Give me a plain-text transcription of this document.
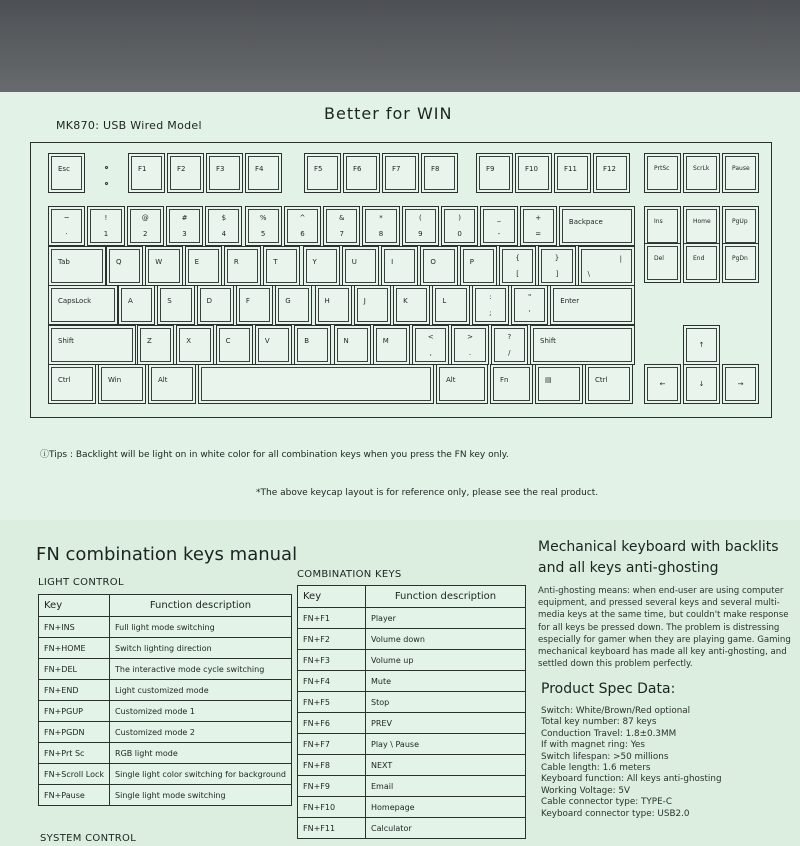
MK870: USB Wired Model
Better for WIN
Esc	F1	F2	F3	F4	F5	F6	F7	F8	F9	F10	F11	F12	PrtSc	ScrLk	Pause
~
·
!
1
@
2
#
3
$
4
%
5
^
6
&
7
*
8
(
9
)
0
_
-
+
=
Backpace
Tab	Q	W	E	R	T	Y	U	I	O	P	{
[
}
]
|
\
CapsLock	A	S	D	F	G	H	J	K	L	:
;
"
'
Enter
Shift	Z	X	C	V	B	N	M	<
,
>
.
?
/
Shift
Ctrl	Win	Alt	Alt	Fn	▤	Ctrl
Ins	Home	PgUp
Del	End	PgDn
↑
←	↓	→
ⓘTips : Backlight will be light on in white color for all combination keys when you press the FN key only.
*The above keycap layout is for reference only, please see the real product.
FN combination keys manual
LIGHT CONTROL
Key	Function description
FN+INS	Full light mode switching
FN+HOME	Switch lighting direction
FN+DEL	The interactive mode cycle switching
FN+END	Light customized mode
FN+PGUP	Customized mode 1
FN+PGDN	Customized mode 2
FN+Prt Sc	RGB light mode
FN+Scroll Lock	Single light color switching for background
FN+Pause	Single light mode switching
COMBINATION KEYS
Key	Function description
FN+F1	Player
FN+F2	Volume down
FN+F3	Volume up
FN+F4	Mute
FN+F5	Stop
FN+F6	PREV
FN+F7	Play \ Pause
FN+F8	NEXT
FN+F9	Email
FN+F10	Homepage
FN+F11	Calculator
SYSTEM CONTROL
Mechanical keyboard with backlits and all keys anti-ghosting
Anti-ghosting means: when end-user are using computer equipment, and pressed several keys and several multi-media keys at the same time, but couldn't make response for all keys be pressed down. The problem is distressing especially for gamer when they are playing game. Gaming mechanical keyboard has made all key anti-ghosting, and settled down this problem perfectly.
Product Spec Data:
Switch: White/Brown/Red optional
Total key number: 87 keys
Conduction Travel: 1.8±0.3MM
If with magnet ring: Yes
Switch lifespan: >50 millions
Cable length: 1.6 meters
Keyboard function: All keys anti-ghosting
Working Voltage: 5V
Cable connector type: TYPE-C
Keyboard connector type: USB2.0
